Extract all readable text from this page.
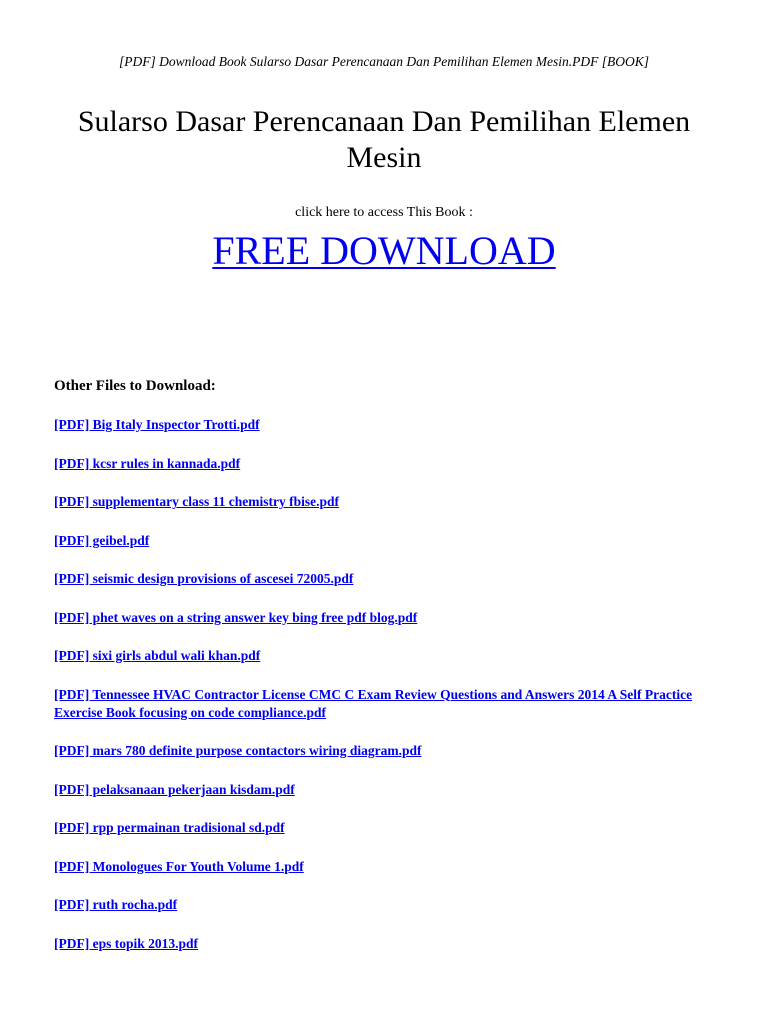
[PDF] Download Book Sularso Dasar Perencanaan Dan Pemilihan Elemen Mesin.PDF [BOOK]
Sularso Dasar Perencanaan Dan Pemilihan Elemen Mesin
click here to access This Book :
FREE DOWNLOAD
Other Files to Download:
[PDF] Big Italy Inspector Trotti.pdf
[PDF] kcsr rules in kannada.pdf
[PDF] supplementary class 11 chemistry fbise.pdf
[PDF] geibel.pdf
[PDF] seismic design provisions of ascesei 72005.pdf
[PDF] phet waves on a string answer key bing free pdf blog.pdf
[PDF] sixi girls abdul wali khan.pdf
[PDF] Tennessee HVAC Contractor License CMC C Exam Review Questions and Answers 2014 A Self Practice Exercise Book focusing on code compliance.pdf
[PDF] mars 780 definite purpose contactors wiring diagram.pdf
[PDF] pelaksanaan pekerjaan kisdam.pdf
[PDF] rpp permainan tradisional sd.pdf
[PDF] Monologues For Youth Volume 1.pdf
[PDF] ruth rocha.pdf
[PDF] eps topik 2013.pdf
